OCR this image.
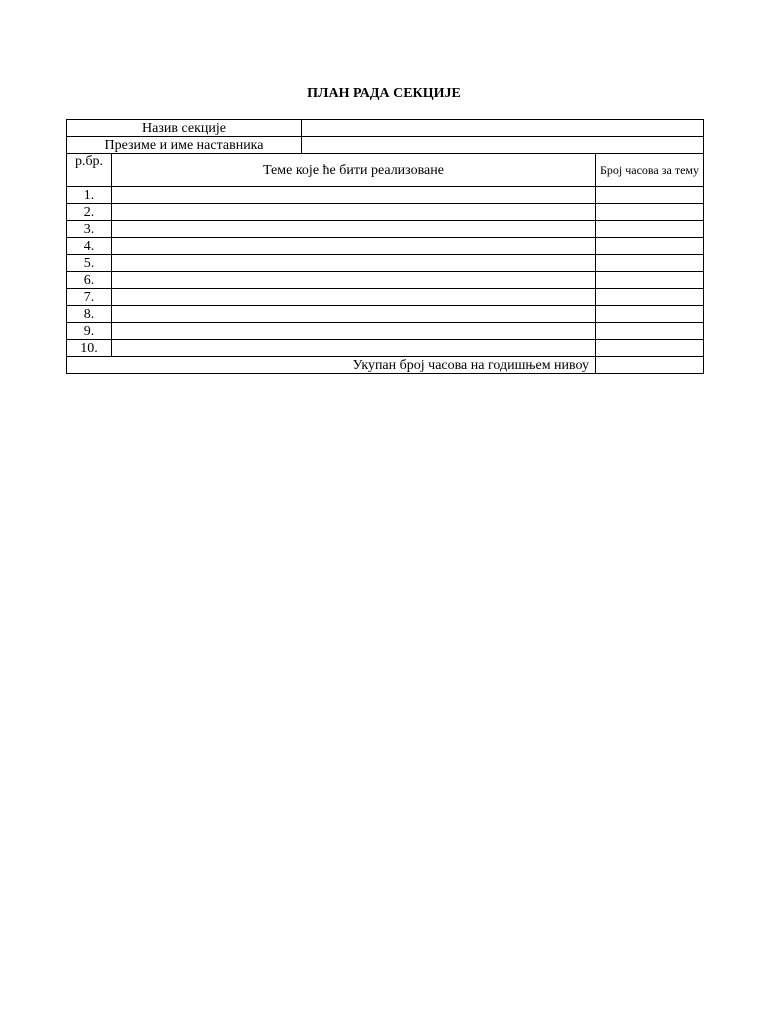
ПЛАН РАДА СЕКЦИЈЕ
Назив секције			
Презиме и име наставника			
р.бр.	Теме које ће бити реализоване		Број часова за тему
1.			
2.			
3.			
4.			
5.			
6.			
7.			
8.			
9.			
10.			
Укупан број часова на годишњем нивоу			
